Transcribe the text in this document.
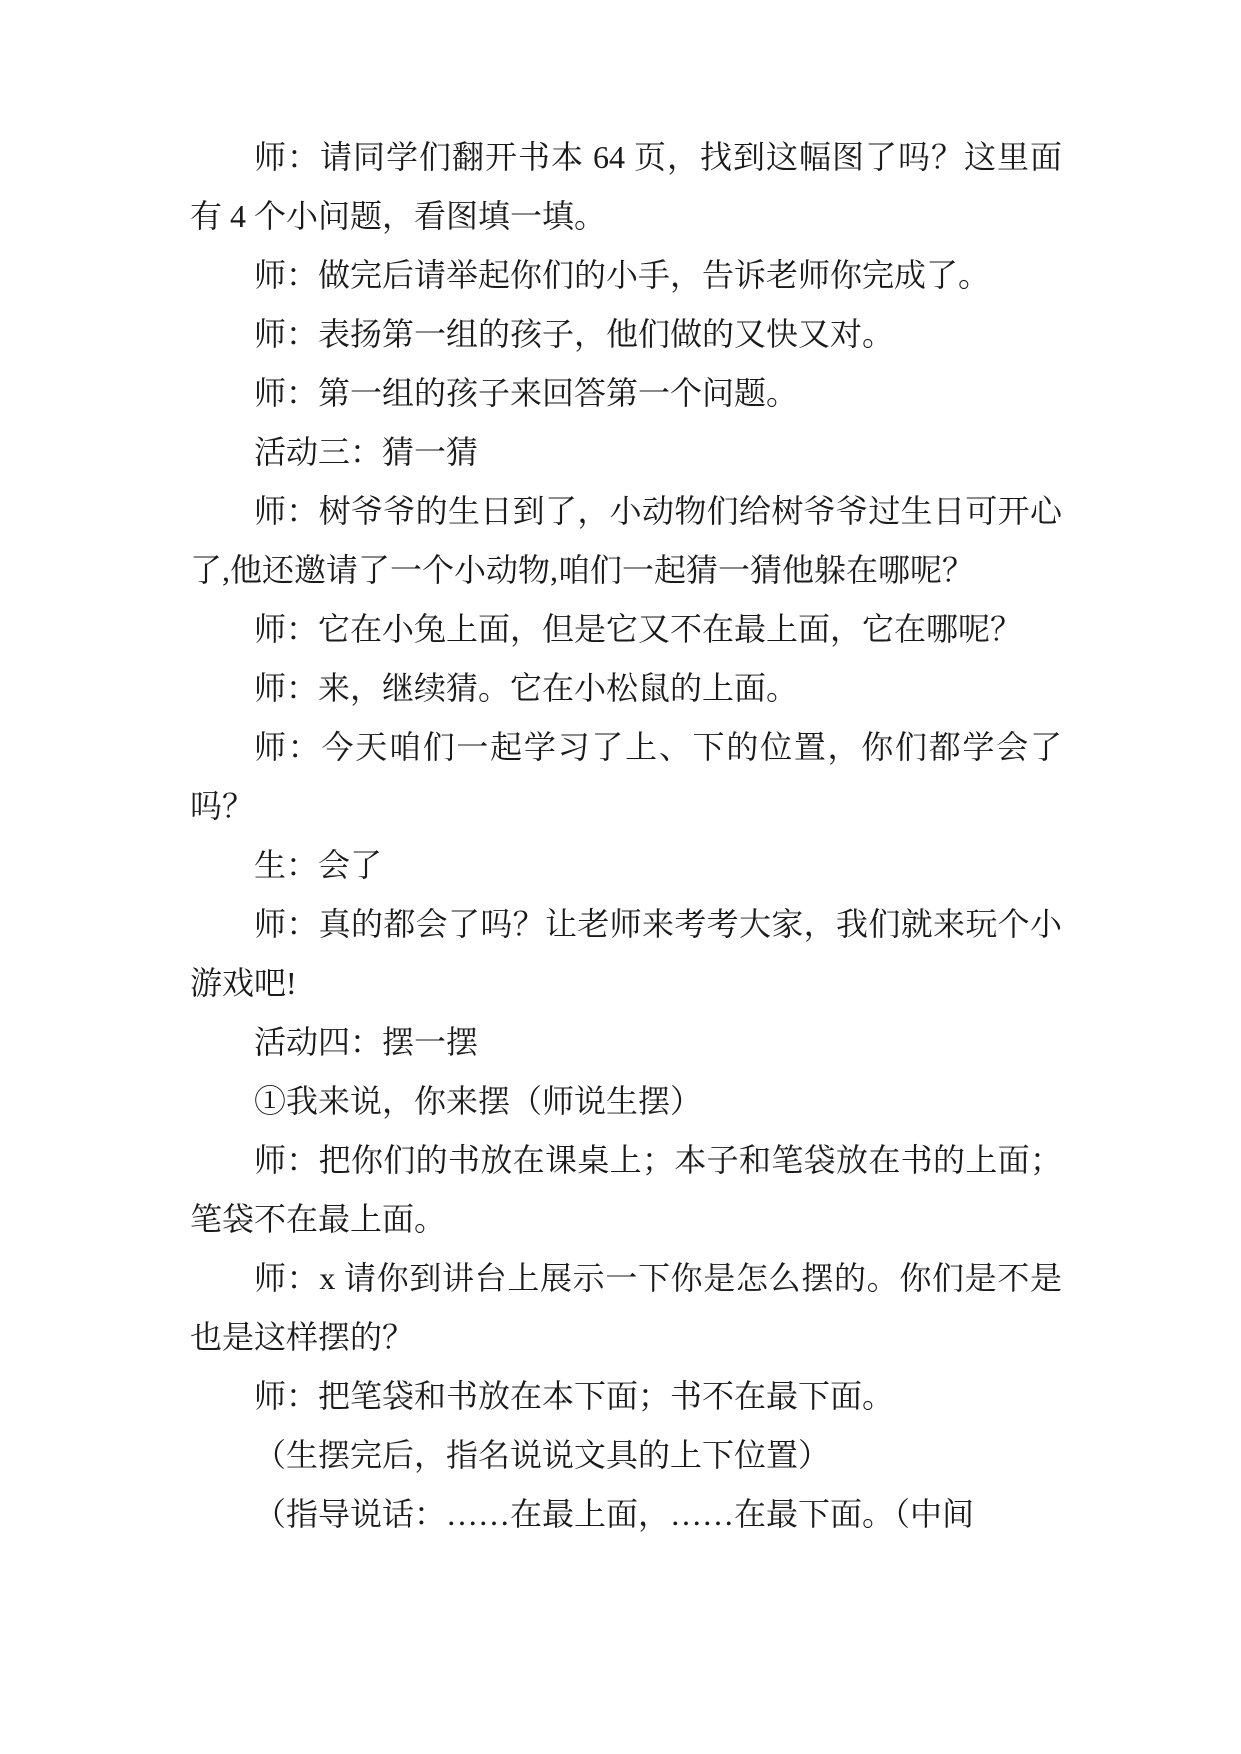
师：请同学们翻开书本 64 页，找到这幅图了吗？这里面有 4 个小问题，看图填一填。

师：做完后请举起你们的小手，告诉老师你完成了。

师：表扬第一组的孩子，他们做的又快又对。

师：第一组的孩子来回答第一个问题。

活动三：猜一猜

师：树爷爷的生日到了，小动物们给树爷爷过生日可开心了,他还邀请了一个小动物,咱们一起猜一猜他躲在哪呢？

师：它在小兔上面，但是它又不在最上面，它在哪呢？

师：来，继续猜。它在小松鼠的上面。

师：今天咱们一起学习了上、下的位置，你们都学会了吗？

生：会了

师：真的都会了吗？让老师来考考大家，我们就来玩个小游戏吧!

活动四：摆一摆

①我来说，你来摆（师说生摆）

师：把你们的书放在课桌上；本子和笔袋放在书的上面；笔袋不在最上面。

师：x 请你到讲台上展示一下你是怎么摆的。你们是不是也是这样摆的？

师：把笔袋和书放在本下面；书不在最下面。

（生摆完后，指名说说文具的上下位置）

（指导说话：……在最上面，……在最下面。（中间
